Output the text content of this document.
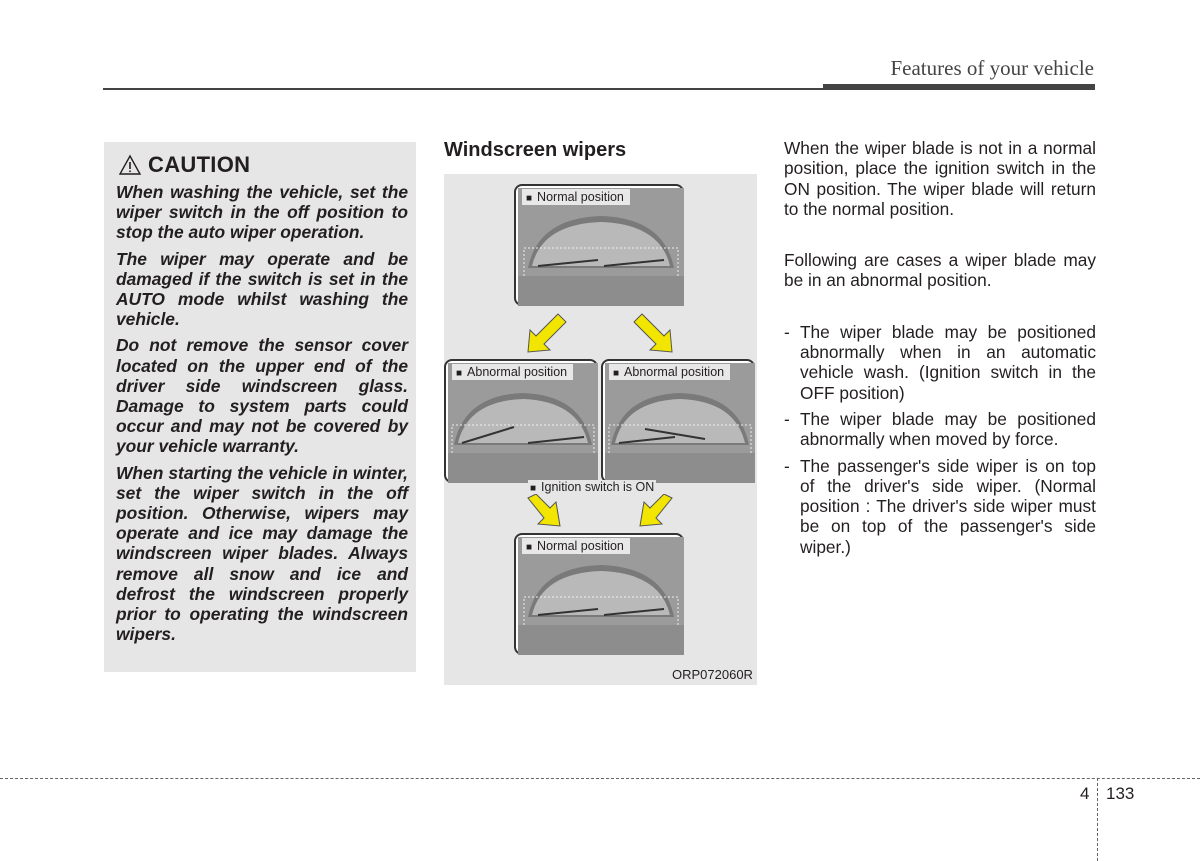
Features of your vehicle
CAUTION

When washing the vehicle, set the wiper switch in the off position to stop the auto wiper operation.

The wiper may operate and be damaged if the switch is set in the AUTO mode whilst washing the vehicle.

Do not remove the sensor cover located on the upper end of the driver side windscreen glass. Damage to system parts could occur and may not be covered by your vehicle warranty.

When starting the vehicle in winter, set the wiper switch in the off position. Otherwise, wipers may operate and ice may damage the windscreen wiper blades. Always remove all snow and ice and defrost the windscreen properly prior to operating the windscreen wipers.

Windscreen wipers
■ Normal position
■ Abnormal position
■	Abnormal position
■ Ignition switch is ON
■ Normal position
ORP072060R

When the wiper blade is not in a normal position, place the ignition switch in the ON position. The wiper blade will return to the normal position.

Following are cases a wiper blade may be in an abnormal position.

- The wiper blade may be positioned abnormally when in an automatic vehicle wash. (Ignition switch in the OFF position)
- The wiper blade may be positioned abnormally when moved by force.
- The passenger's side wiper is on top of the driver's side wiper. (Normal position : The driver's side wiper must be on top of the passenger's side wiper.)
4 133
